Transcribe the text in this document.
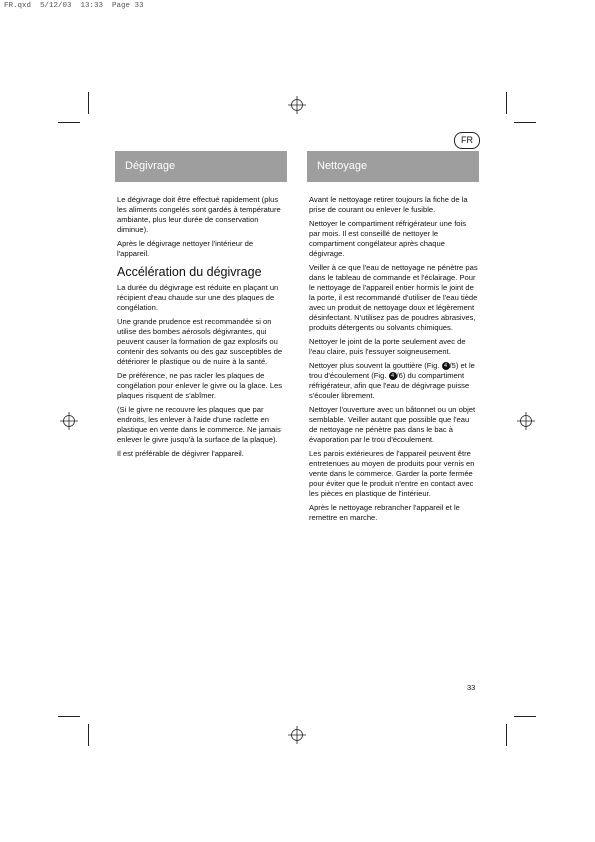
FR.qxd  5/12/03  13:33  Page 33
FR
Dégivrage

Le dégivrage doit être effectué rapidement (plus les aliments congelés sont gardés à température ambiante, plus leur durée de conservation diminue).

Après le dégivrage nettoyer l'intérieur de l'appareil.

Accélération du dégivrage

La durée du dégivrage est réduite en plaçant un récipient d'eau chaude sur une des plaques de congélation.

Une grande prudence est recommandée si on utilise des bombes aérosols dégivrantes, qui peuvent causer la formation de gaz explosifs ou contenir des solvants ou des gaz susceptibles de détériorer le plastique ou de nuire à la santé.

De préférence, ne pas racler les plaques de congélation pour enlever le givre ou la glace. Les plaques risquent de s'abîmer.

(Si le givre ne recouvre les plaques que par endroits, les enlever à l'aide d'une raclette en plastique en vente dans le commerce. Ne jamais enlever le givre jusqu'à la surface de la plaque).

Il est préférable de dégivrer l'appareil.

Nettoyage

Avant le nettoyage retirer toujours la fiche de la prise de courant ou enlever le fusible.

Nettoyer le compartiment réfrigérateur une fois par mois. Il est conseillé de nettoyer le compartiment congélateur après chaque dégivrage.

Veiller à ce que l'eau de nettoyage ne pénètre pas dans le tableau de commande et l'éclairage. Pour le nettoyage de l'appareil entier hormis le joint de la porte, il est recommandé d'utiliser de l'eau tiède avec un produit de nettoyage doux et légèrement désinfectant. N'utilisez pas de poudres abrasives, produits détergents ou solvants chimiques.

Nettoyer le joint de la porte seulement avec de l'eau claire, puis l'essuyer soigneusement.

Nettoyer plus souvent la gouttière (Fig. 4 /5) et le trou d'écoulement (Fig. 4 /6) du compartiment réfrigérateur, afin que l'eau de dégivrage puisse s'écouler librement.

Nettoyer l'ouverture avec un bâtonnet ou un objet semblable. Veiller autant que possible que l'eau de nettoyage ne pénètre pas dans le bac à évaporation par le trou d'écoulement.

Les parois extérieures de l'appareil peuvent être entretenues au moyen de produits pour vernis en vente dans le commerce. Garder la porte fermée pour éviter que le produit n'entre en contact avec les pièces en plastique de l'intérieur.

Après le nettoyage rebrancher l'appareil et le remettre en marche.

33
